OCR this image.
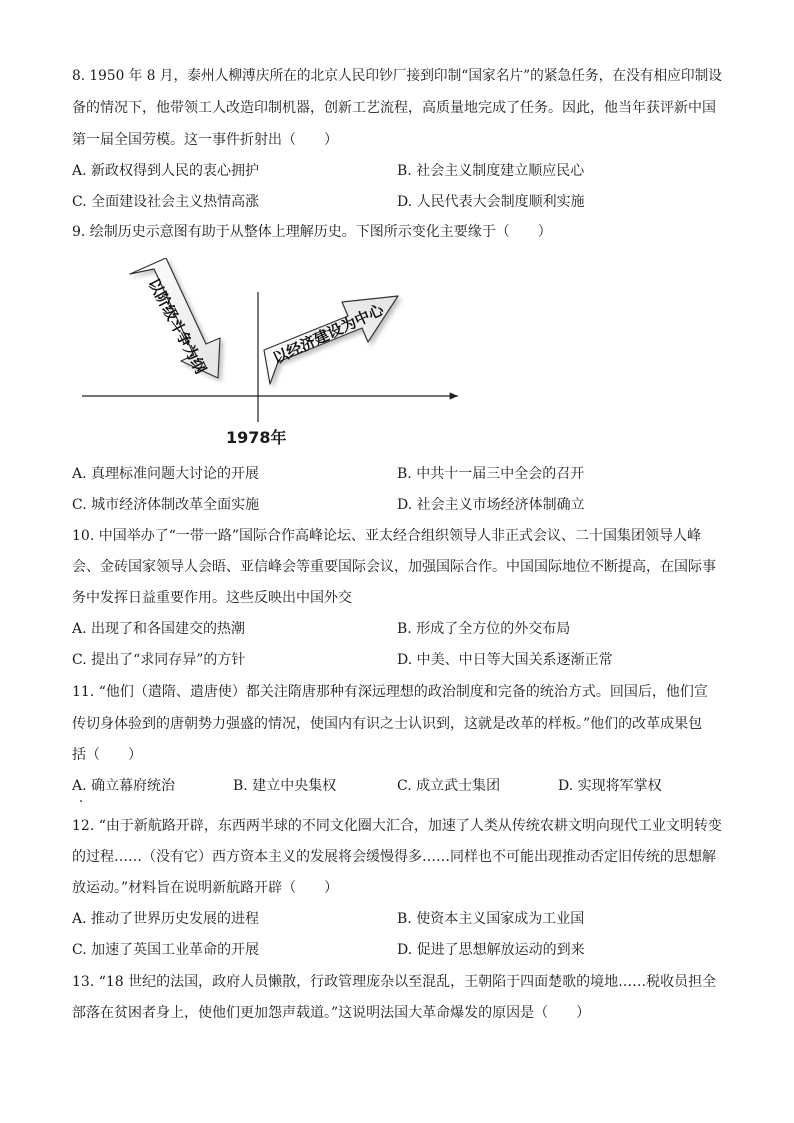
8. 1950 年 8 月，泰州人柳溥庆所在的北京人民印钞厂接到印制“国家名片”的紧急任务，在没有相应印制设
备的情况下，他带领工人改造印制机器，创新工艺流程，高质量地完成了任务。因此，他当年获评新中国
第一届全国劳模。这一事件折射出（　　）
A. 新政权得到人民的衷心拥护	B. 社会主义制度建立顺应民心
C. 全面建设社会主义热情高涨	D. 人民代表大会制度顺利实施
9. 绘制历史示意图有助于从整体上理解历史。下图所示变化主要缘于（　　）
以阶级斗争为纲	以经济建设为中心
1978年
A. 真理标准问题大讨论的开展	B. 中共十一届三中全会的召开
C. 城市经济体制改革全面实施	D. 社会主义市场经济体制确立
10. 中国举办了“一带一路”国际合作高峰论坛、亚太经合组织领导人非正式会议、二十国集团领导人峰
会、金砖国家领导人会晤、亚信峰会等重要国际会议，加强国际合作。中国国际地位不断提高，在国际事
务中发挥日益重要作用。这些反映出中国外交
A. 出现了和各国建交的热潮	B. 形成了全方位的外交布局
C. 提出了“求同存异”的方针	D. 中美、中日等大国关系逐渐正常
11. “他们（遣隋、遣唐使）都关注隋唐那种有深远理想的政治制度和完备的统治方式。回国后，他们宣
传切身体验到的唐朝势力强盛的情况，使国内有识之士认识到，这就是改革的样板。”他们的改革成果包
括（　　）
A. 确立幕府统治	B. 建立中央集权	C. 成立武士集团	D. 实现将军掌权
12. “由于新航路开辟，东西两半球的不同文化圈大汇合，加速了人类从传统农耕文明向现代工业文明转变
的过程……（没有它）西方资本主义的发展将会缓慢得多……同样也不可能出现推动否定旧传统的思想解
放运动。”材料旨在说明新航路开辟（　　）
A. 推动了世界历史发展的进程	B. 使资本主义国家成为工业国
C. 加速了英国工业革命的开展	D. 促进了思想解放运动的到来
13. “18 世纪的法国，政府人员懒散，行政管理庞杂以至混乱，王朝陷于四面楚歌的境地……税收员担全
部落在贫困者身上，使他们更加怨声载道。”这说明法国大革命爆发的原因是（　　）
